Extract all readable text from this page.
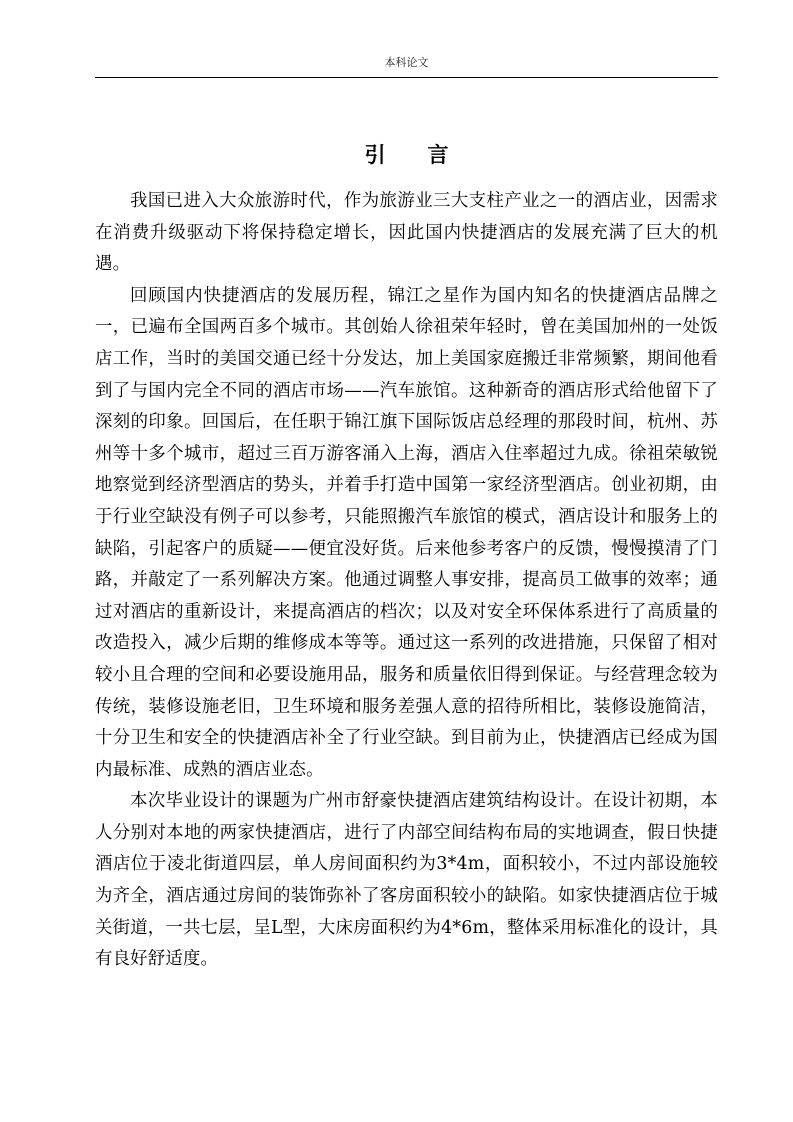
本科论文
引言

我国已进入大众旅游时代，作为旅游业三大支柱产业之一的酒店业，因需求在消费升级驱动下将保持稳定增长，因此国内快捷酒店的发展充满了巨大的机遇。

回顾国内快捷酒店的发展历程，锦江之星作为国内知名的快捷酒店品牌之一，已遍布全国两百多个城市。其创始人徐祖荣年轻时，曾在美国加州的一处饭店工作，当时的美国交通已经十分发达，加上美国家庭搬迁非常频繁，期间他看到了与国内完全不同的酒店市场——汽车旅馆。这种新奇的酒店形式给他留下了深刻的印象。回国后，在任职于锦江旗下国际饭店总经理的那段时间，杭州、苏州等十多个城市，超过三百万游客涌入上海，酒店入住率超过九成。徐祖荣敏锐地察觉到经济型酒店的势头，并着手打造中国第一家经济型酒店。创业初期，由于行业空缺没有例子可以参考，只能照搬汽车旅馆的模式，酒店设计和服务上的缺陷，引起客户的质疑——便宜没好货。后来他参考客户的反馈，慢慢摸清了门路，并敲定了一系列解决方案。他通过调整人事安排，提高员工做事的效率；通过对酒店的重新设计，来提高酒店的档次；以及对安全环保体系进行了高质量的改造投入，减少后期的维修成本等等。通过这一系列的改进措施，只保留了相对较小且合理的空间和必要设施用品，服务和质量依旧得到保证。与经营理念较为传统，装修设施老旧，卫生环境和服务差强人意的招待所相比，装修设施简洁，十分卫生和安全的快捷酒店补全了行业空缺。到目前为止，快捷酒店已经成为国内最标准、成熟的酒店业态。

本次毕业设计的课题为广州市舒豪快捷酒店建筑结构设计。在设计初期，本人分别对本地的两家快捷酒店，进行了内部空间结构布局的实地调查，假日快捷酒店位于凌北街道四层，单人房间面积约为3*4m，面积较小，不过内部设施较为齐全，酒店通过房间的装饰弥补了客房面积较小的缺陷。如家快捷酒店位于城关街道，一共七层，呈L型，大床房面积约为4*6m，整体采用标准化的设计，具有良好舒适度。
